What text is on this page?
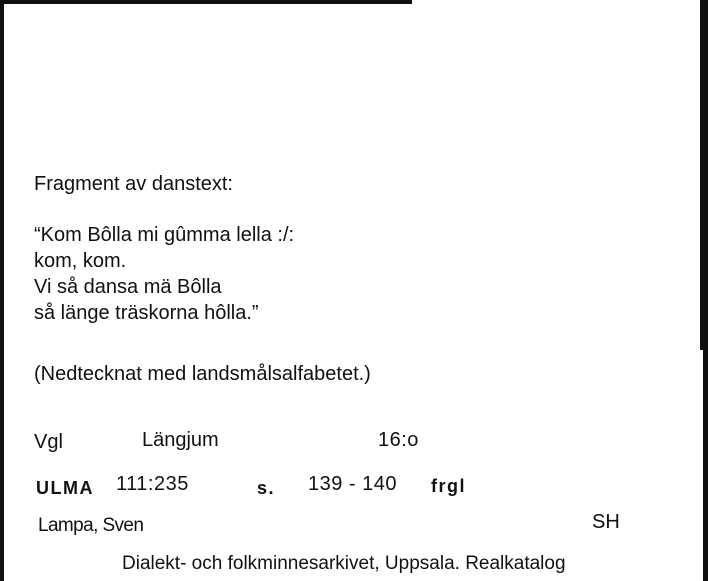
Fragment av danstext:
“Kom Bôlla mi gûmma lella :/:
kom, kom.
Vi så dansa mä Bôlla
så länge träskorna hôlla.”
(Nedtecknat med landsmålsalfabetet.)
Vgl	Längjum	16:o
ULMA 111:235	s. 139 - 140 frgl
Lampa, Sven	SH
Dialekt- och folkminnesarkivet, Uppsala. Realkatalog
